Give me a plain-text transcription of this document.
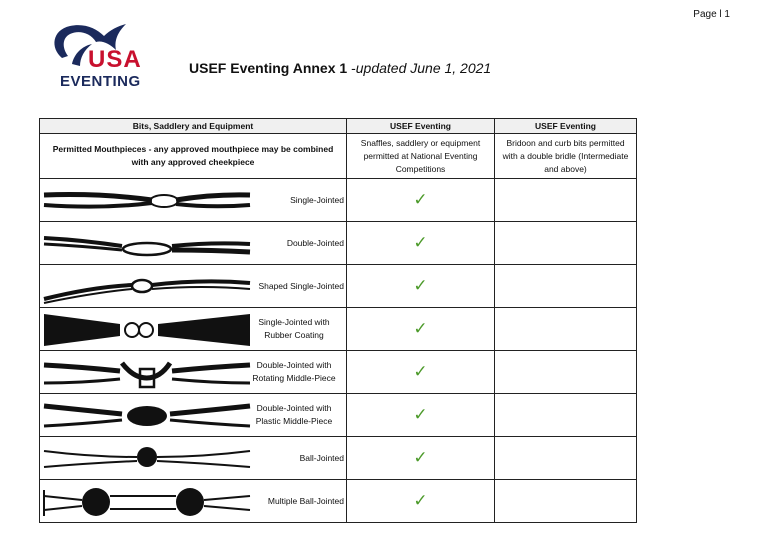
Page l 1
USA
EVENTING
USEF Eventing Annex 1 -updated June 1, 2021
Bits, Saddlery and Equipment	USEF Eventing	USEF Eventing
Permitted Mouthpieces - any approved mouthpiece may be combined with any approved cheekpiece	Snaffles, saddlery or equipment permitted at National Eventing Competitions	Bridoon and curb bits permitted with a double bridle (Intermediate and above)

Single-Jointed	✓	

Double-Jointed	✓	

Shaped Single-Jointed	✓	

Single-Jointed with Rubber Coating	✓	

Double-Jointed with Rotating Middle-Piece	✓	

Double-Jointed with Plastic Middle-Piece	✓	

Ball-Jointed	✓	

Multiple Ball-Jointed	✓	
